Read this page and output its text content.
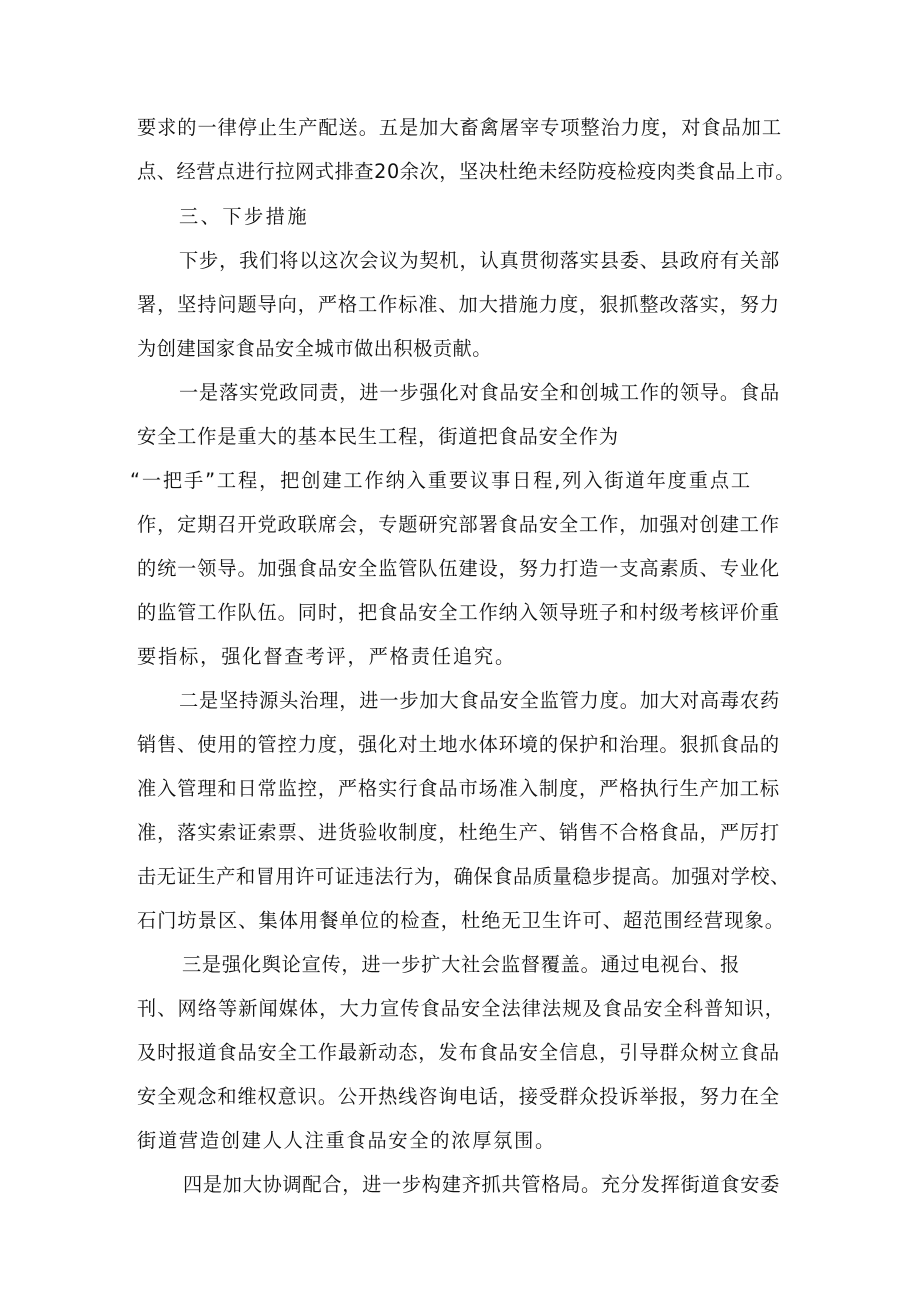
要求的一律停止生产配送。五是加大畜禽屠宰专项整治力度，对食品加工
点、经营点进行拉网式排查20余次，坚决杜绝未经防疫检疫肉类食品上市。
三、下步措施
下步，我们将以这次会议为契机，认真贯彻落实县委、县政府有关部
署，坚持问题导向，严格工作标准、加大措施力度，狠抓整改落实，努力
为创建国家食品安全城市做出积极贡献。
一是落实党政同责，进一步强化对食品安全和创城工作的领导。食品
安全工作是重大的基本民生工程，街道把食品安全作为
“一把手”工程，把创建工作纳入重要议事日程,列入街道年度重点工
作，定期召开党政联席会，专题研究部署食品安全工作，加强对创建工作
的统一领导。加强食品安全监管队伍建设，努力打造一支高素质、专业化
的监管工作队伍。同时，把食品安全工作纳入领导班子和村级考核评价重
要指标，强化督查考评，严格责任追究。
二是坚持源头治理，进一步加大食品安全监管力度。加大对高毒农药
销售、使用的管控力度，强化对土地水体环境的保护和治理。狠抓食品的
准入管理和日常监控，严格实行食品市场准入制度，严格执行生产加工标
准，落实索证索票、进货验收制度，杜绝生产、销售不合格食品，严厉打
击无证生产和冒用许可证违法行为，确保食品质量稳步提高。加强对学校、
石门坊景区、集体用餐单位的检查，杜绝无卫生许可、超范围经营现象。
三是强化舆论宣传，进一步扩大社会监督覆盖。通过电视台、报
刊、网络等新闻媒体，大力宣传食品安全法律法规及食品安全科普知识，
及时报道食品安全工作最新动态，发布食品安全信息，引导群众树立食品
安全观念和维权意识。公开热线咨询电话，接受群众投诉举报，努力在全
街道营造创建人人注重食品安全的浓厚氛围。
四是加大协调配合，进一步构建齐抓共管格局。充分发挥街道食安委
